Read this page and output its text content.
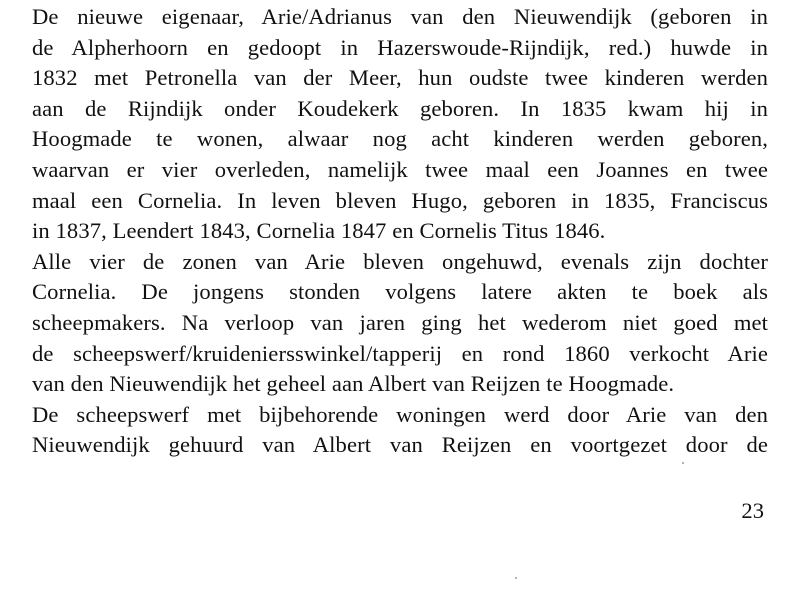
De nieuwe eigenaar, Arie/Adrianus van den Nieuwendijk (geboren in
de Alpherhoorn en gedoopt in Hazerswoude-Rijndijk, red.) huwde in
1832 met Petronella van der Meer, hun oudste twee kinderen werden
aan de Rijndijk onder Koudekerk geboren. In 1835 kwam hij in
Hoogmade te wonen, alwaar nog acht kinderen werden geboren,
waarvan er vier overleden, namelijk twee maal een Joannes en twee
maal een Cornelia. In leven bleven Hugo, geboren in 1835, Franciscus
in 1837, Leendert 1843, Cornelia 1847 en Cornelis Titus 1846.
Alle vier de zonen van Arie bleven ongehuwd, evenals zijn dochter
Cornelia. De jongens stonden volgens latere akten te boek als
scheepmakers. Na verloop van jaren ging het wederom niet goed met
de scheepswerf/kruideniersswinkel/tapperij en rond 1860 verkocht Arie
van den Nieuwendijk het geheel aan Albert van Reijzen te Hoogmade.
De scheepswerf met bijbehorende woningen werd door Arie van den
Nieuwendijk gehuurd van Albert van Reijzen en voortgezet door de
23
